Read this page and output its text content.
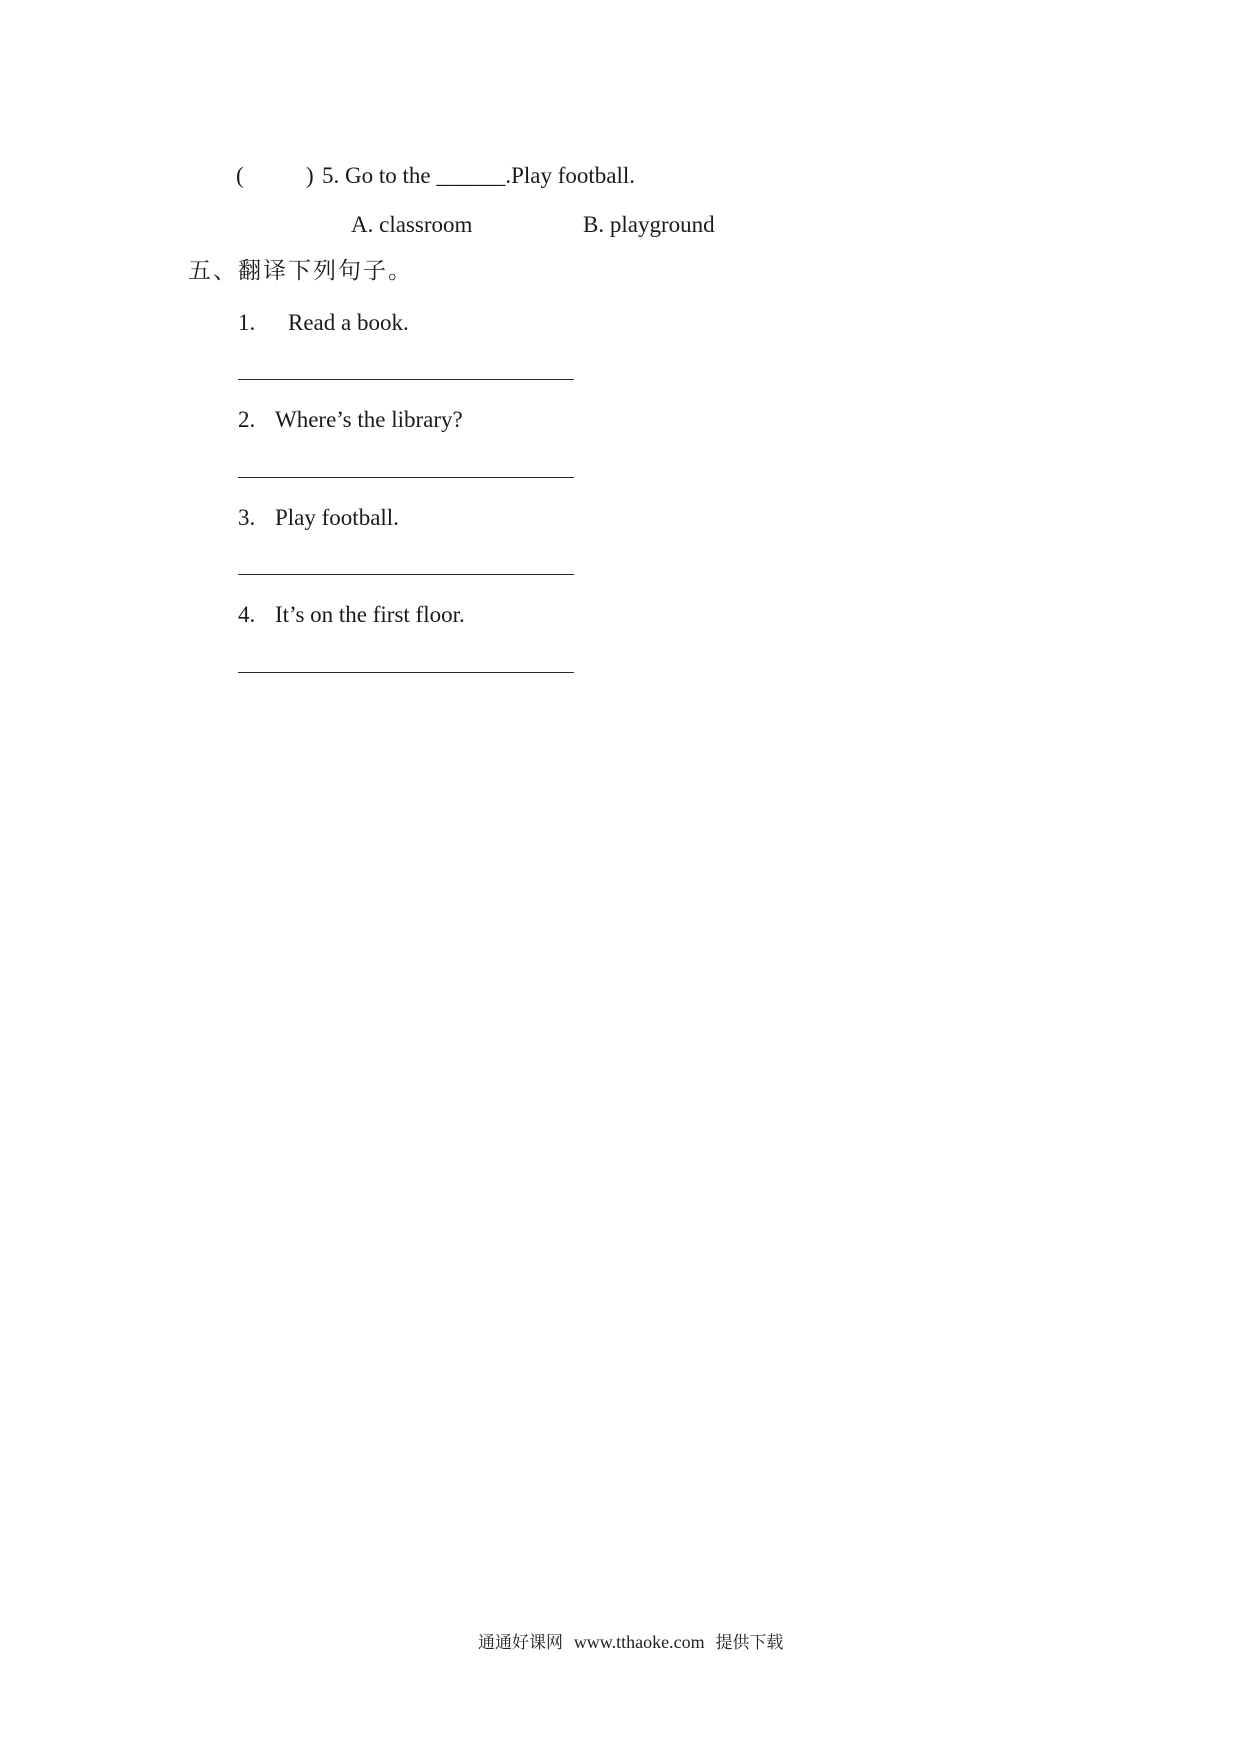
(	) 5. Go to the ______.Play football.
A. classroom	B. playground
五、翻译下列句子。
1. Read a book.
2. Where’s the library?
3. Play football.
4. It’s on the first floor.
通通好课网 www.tthaoke.com 提供下载
